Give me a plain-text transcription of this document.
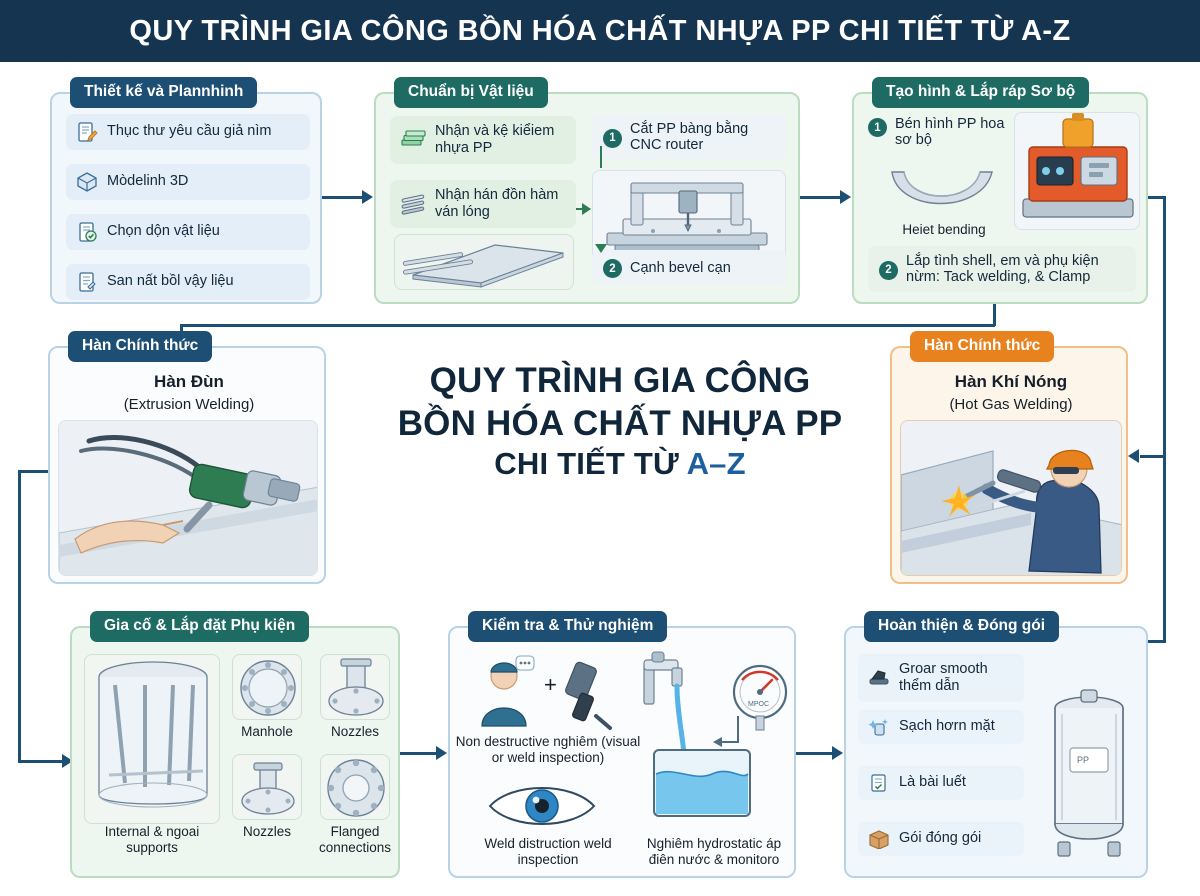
QUY TRÌNH GIA CÔNG BỒN HÓA CHẤT NHỰA PP CHI TIẾT TỪ A-Z
Thiết kế và Plannhinh
Thục thư yêu cầu giả nìm
Mòdelinh 3D
Chọn dộn vật liệu
San nất bồl vậy liệu
Chuẩn bị Vật liệu
Nhận và kệ kiểiem nhựa PP
Nhận hán đồn hàm ván lóng
1
Cắt PP bàng bằng CNC router
2 Cạnh bevel cạn
Tạo hình & Lắp ráp Sơ bộ
1 Bén hình PP hoa sơ bộ
Heiet bending
2
Lắp tình shell, em và phụ kiện nừm: Tack welding, & Clamp
Hàn Chính thức
Hàn Đùn
(Extrusion Welding)
QUY TRÌNH GIA CÔNG
BỒN HÓA CHẤT NHỰA PP
CHI TIẾT TỪ A–Z
Hàn Chính thức
Hàn Khí Nóng
(Hot Gas Welding)
Gia cố & Lắp đặt Phụ kiện
Internal & ngoai supports
Manhole	Nozzles
Nozzles	Flanged connections
Kiểm tra & Thử nghiệm
+
Non destructive nghiêm (visual or weld inspection)
Weld distruction weld inspection
MPOC
Nghiêm hydrostatic áp điên nước & monitoro
Hoàn thiện & Đóng gói
Groar smooth thểm dẫn
Sạch hơrn mặt
Là bài luết
Gói đóng gói
PP
